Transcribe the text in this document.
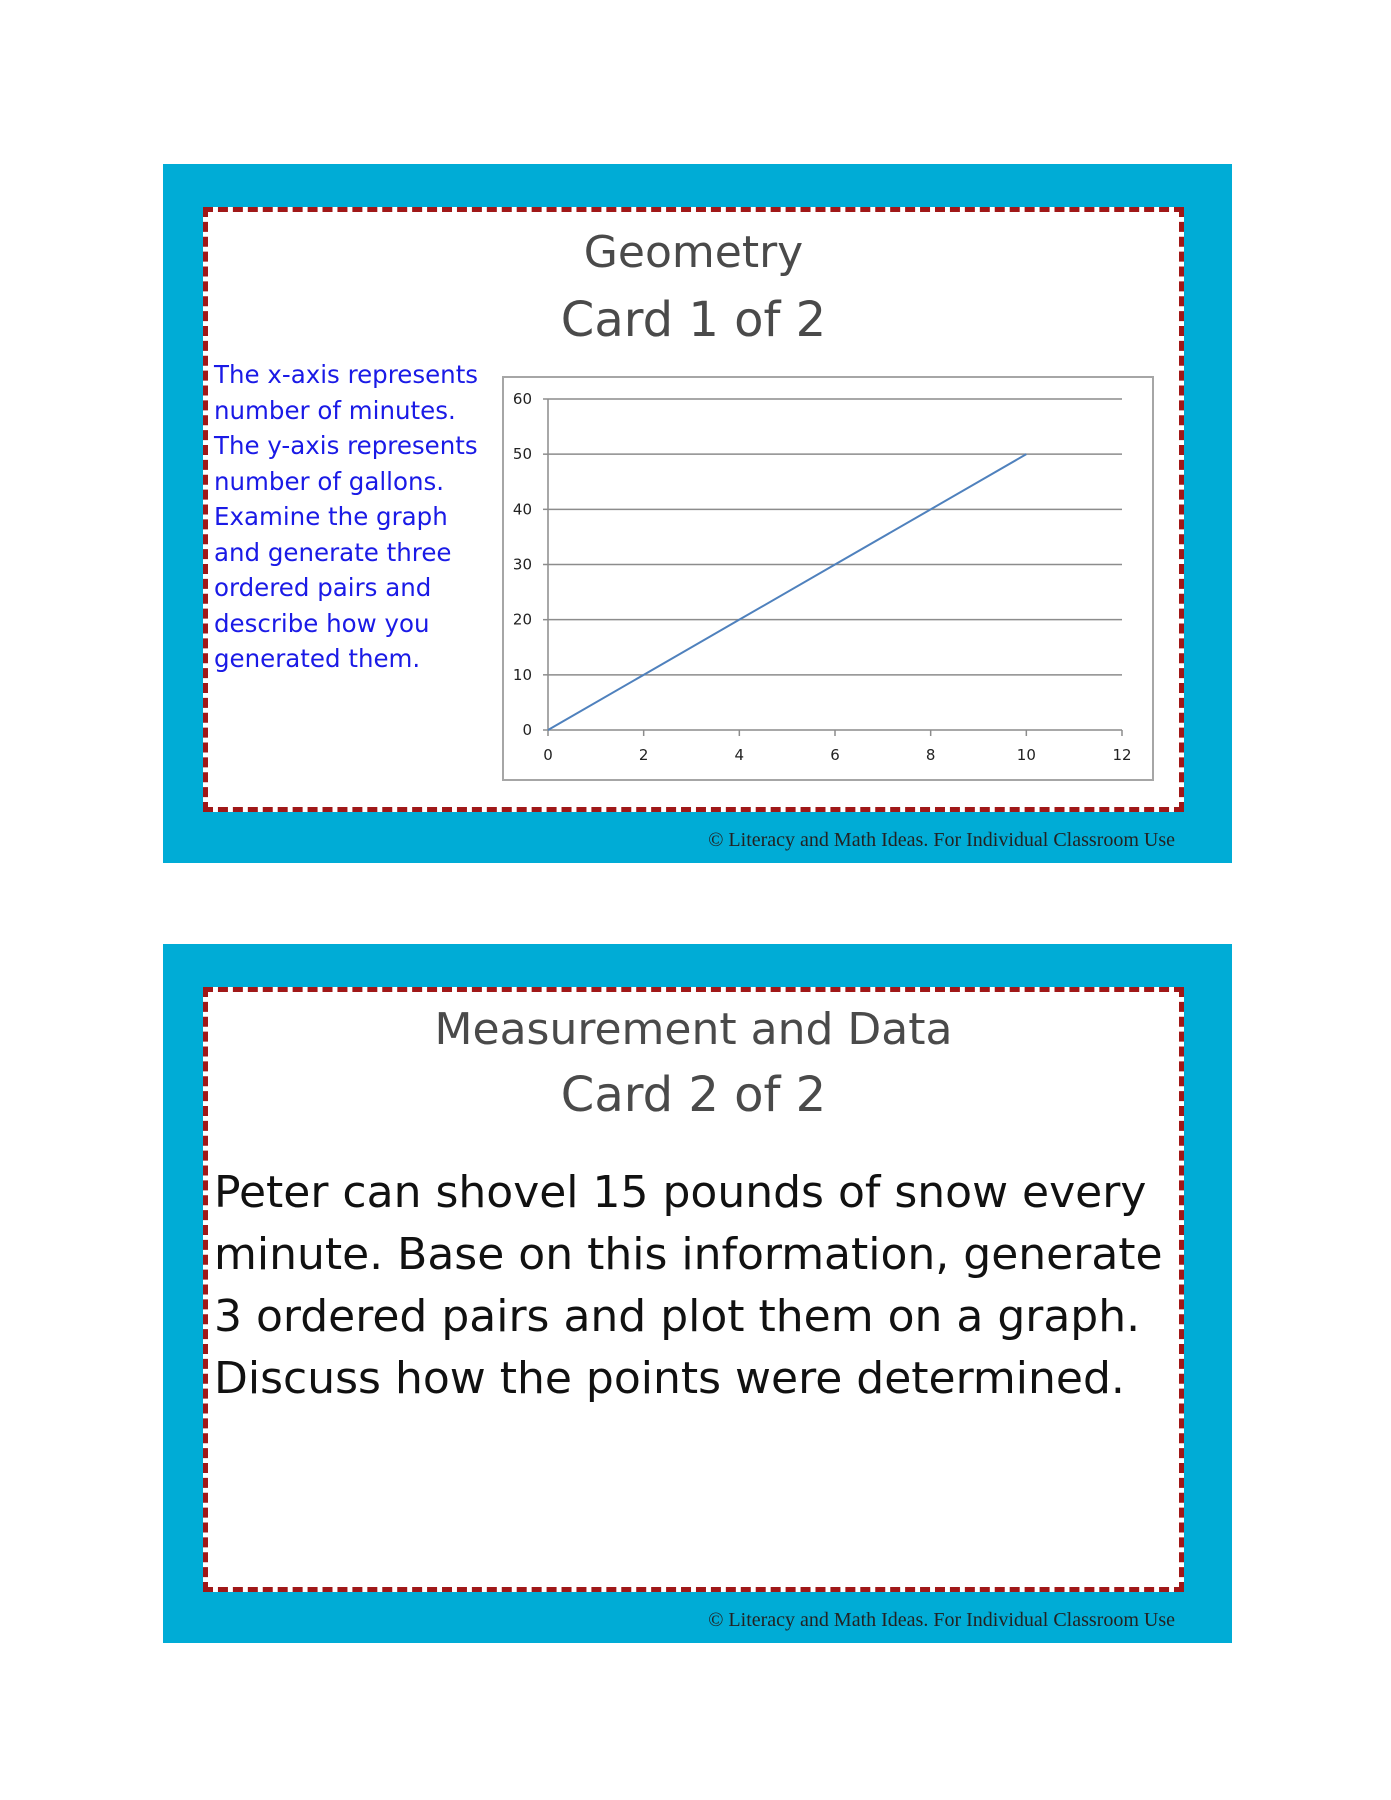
Geometry
Card 1 of 2
The x-axis represents number of minutes. The y-axis represents number of gallons. Examine the graph and generate three ordered pairs and describe how you generated them.
0
10
20
30
40
50
60
0	2	4	6	8	10	12
© Literacy and Math Ideas. For Individual Classroom Use
Measurement and Data
Card 2 of 2
Peter can shovel 15 pounds of snow every minute. Base on this information, generate 3 ordered pairs and plot them on a graph. Discuss how the points were determined.
© Literacy and Math Ideas. For Individual Classroom Use
